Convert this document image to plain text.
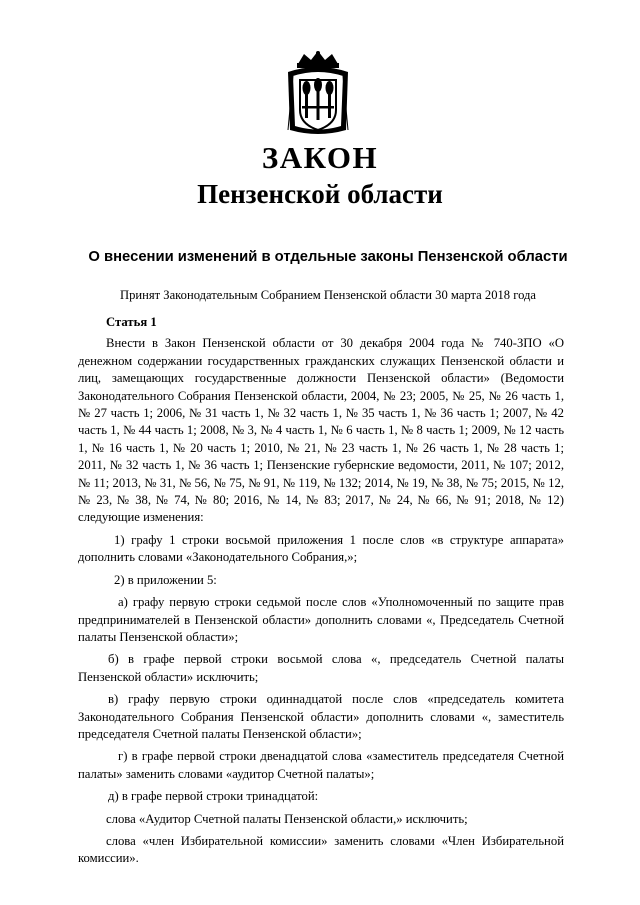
ЗАКОН
Пензенской области

О внесении изменений в отдельные законы Пензенской области

Принят Законодательным Собранием Пензенской области 30 марта 2018 года

Статья 1

Внести в Закон Пензенской области от 30 декабря 2004 года № 740-ЗПО «О денежном содержании государственных гражданских служащих Пензенской области и лиц, замещающих государственные должности Пензенской области» (Ведомости Законодательного Собрания Пензенской области, 2004, № 23; 2005, № 25, № 26 часть 1, № 27 часть 1; 2006, № 31 часть 1, № 32 часть 1, № 35 часть 1, № 36 часть 1; 2007, № 42 часть 1, № 44 часть 1; 2008, № 3, № 4 часть 1, № 6 часть 1, № 8 часть 1; 2009, № 12 часть 1, № 16 часть 1, № 20 часть 1; 2010, № 21, № 23 часть 1, № 26 часть 1, № 28 часть 1; 2011, № 32 часть 1, № 36 часть 1; Пензенские губернские ведомости, 2011, № 107; 2012, № 11; 2013, № 31, № 56, № 75, № 91, № 119, № 132; 2014, № 19, № 38, № 75; 2015, № 12, № 23, № 38, № 74, № 80; 2016, № 14, № 83; 2017, № 24, № 66, № 91; 2018, № 12) следующие изменения:

1) графу 1 строки восьмой приложения 1 после слов «в структуре аппарата» дополнить словами «Законодательного Собрания,»;

2) в приложении 5:

а) графу первую строки седьмой после слов «Уполномоченный по защите прав предпринимателей в Пензенской области» дополнить словами «, Председатель Счетной палаты Пензенской области»;

б) в графе первой строки восьмой слова «, председатель Счетной палаты Пензенской области» исключить;

в) графу первую строки одиннадцатой после слов «председатель комитета Законодательного Собрания Пензенской области» дополнить словами «, заместитель председателя Счетной палаты Пензенской области»;

г) в графе первой строки двенадцатой слова «заместитель председателя Счетной палаты» заменить словами «аудитор Счетной палаты»;

д) в графе первой строки тринадцатой:

слова «Аудитор Счетной палаты Пензенской области,» исключить;

слова «член Избирательной комиссии» заменить словами «Член Избирательной комиссии».
